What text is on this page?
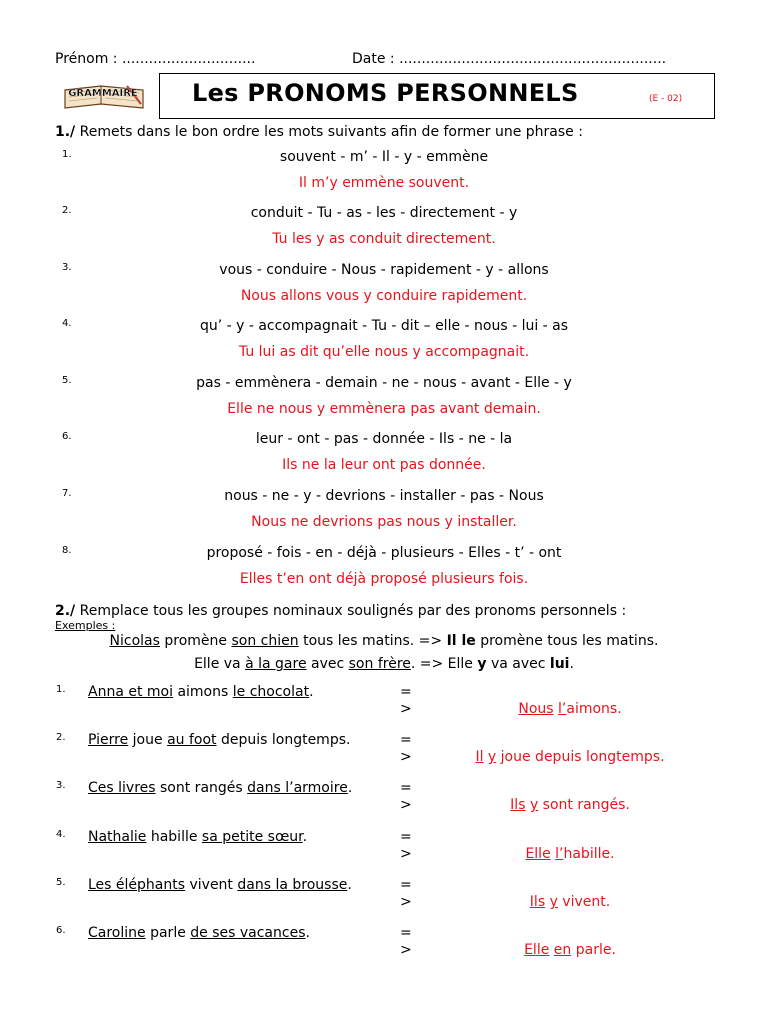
Prénom : ..............................	Date : ............................................................
GRAMMAIRE Les PRONOMS PERSONNELS	(E - 02)
1./ Remets dans le bon ordre les mots suivants afin de former une phrase :
1.	souvent - m’ - Il - y - emmène
Il m’y emmène souvent.
2.	conduit - Tu - as - les - directement - y
Tu les y as conduit directement.
3.	vous - conduire - Nous - rapidement - y - allons
Nous allons vous y conduire rapidement.
4.	qu’ - y - accompagnait - Tu - dit – elle - nous - lui - as
Tu lui as dit qu’elle nous y accompagnait.
5.	pas - emmènera - demain - ne - nous - avant - Elle - y
Elle ne nous y emmènera pas avant demain.
6.	leur - ont - pas - donnée - Ils - ne - la
Ils ne la leur ont pas donnée.
7.	nous - ne - y - devrions - installer - pas - Nous
Nous ne devrions pas nous y installer.
8.	proposé - fois - en - déjà - plusieurs - Elles - t’ - ont
Elles t’en ont déjà proposé plusieurs fois.
2./ Remplace tous les groupes nominaux soulignés par des pronoms personnels :
Exemples :
Nicolas promène son chien tous les matins. => Il le promène tous les matins.
Elle va à la gare avec son frère. => Elle y va avec lui.
1. Anna et moi aimons le chocolat.	=
>	Nous l’aimons.
2. Pierre joue au foot depuis longtemps.	=
>	Il y joue depuis longtemps.
3. Ces livres sont rangés dans l’armoire.	=
>	Ils y sont rangés.
4. Nathalie habille sa petite sœur.	=
>	Elle l’habille.
5. Les éléphants vivent dans la brousse.	=
>	Ils y vivent.
6. Caroline parle de ses vacances.	=
>	Elle en parle.
